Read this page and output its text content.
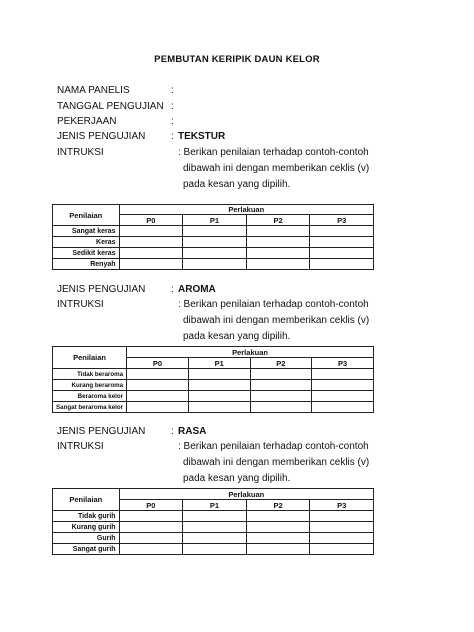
PEMBUTAN KERIPIK DAUN KELOR
NAMA PANELIS	:
TANGGAL PENGUJIAN :
PEKERJAAN	:
JENIS PENGUJIAN	: TEKSTUR
INTRUKSI	: Berikan penilaian terhadap contoh-contoh
dibawah ini dengan memberikan ceklis (v)
pada kesan yang dipilih.
Penilaian	Perlakuan			
	P0	P1	P2	P3
Sangat keras				
Keras				
Sedikit keras				
Renyah				
JENIS PENGUJIAN	: AROMA
INTRUKSI	: Berikan penilaian terhadap contoh-contoh
dibawah ini dengan memberikan ceklis (v)
pada kesan yang dipilih.
Penilaian	Perlakuan			
	P0	P1	P2	P3
Tidak beraroma				
Kurang beraroma				
Beraroma kelor				
Sangat beraroma kelor				
JENIS PENGUJIAN	: RASA
INTRUKSI	: Berikan penilaian terhadap contoh-contoh
dibawah ini dengan memberikan ceklis (v)
pada kesan yang dipilih.
Penilaian	Perlakuan			
	P0	P1	P2	P3
Tidak gurih				
Kurang gurih				
Gurih				
Sangat gurih				
